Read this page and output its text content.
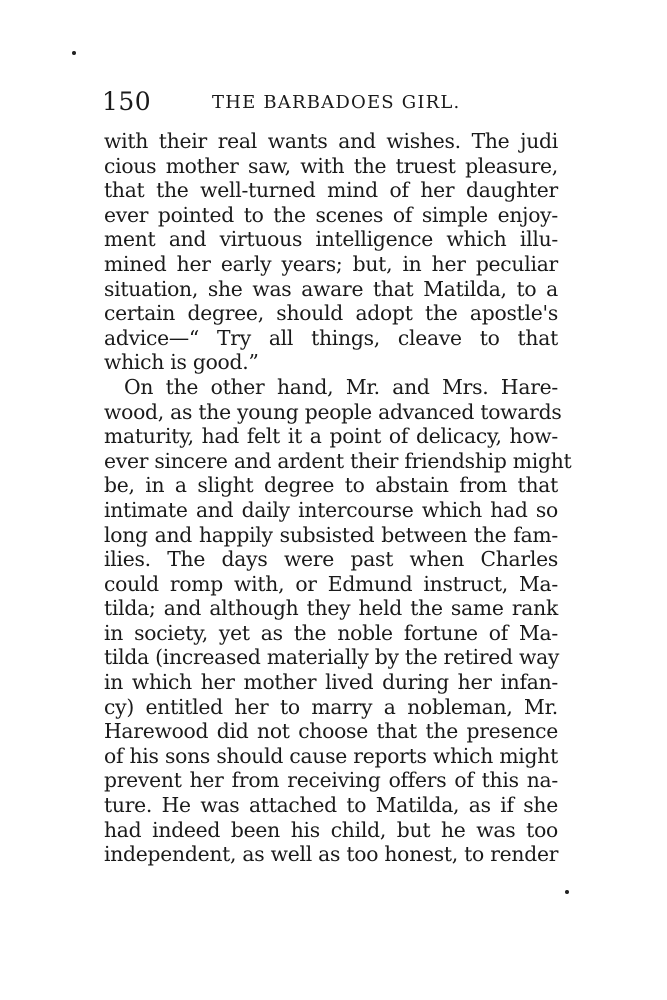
150	THE BARBADOES GIRL.
with their real wants and wishes. The judi
cious mother saw, with the truest pleasure,
that the well-turned mind of her daughter
ever pointed to the scenes of simple enjoy-
ment and virtuous intelligence which illu-
mined her early years; but, in her peculiar
situation, she was aware that Matilda, to a
certain degree, should adopt the apostle's
advice—“ Try all things, cleave to that
which is good.”
On the other hand, Mr. and Mrs. Hare-
wood, as the young people advanced towards
maturity, had felt it a point of delicacy, how-
ever sincere and ardent their friendship might
be, in a slight degree to abstain from that
intimate and daily intercourse which had so
long and happily subsisted between the fam-
ilies. The days were past when Charles
could romp with, or Edmund instruct, Ma-
tilda; and although they held the same rank
in society, yet as the noble fortune of Ma-
tilda (increased materially by the retired way
in which her mother lived during her infan-
cy) entitled her to marry a nobleman, Mr.
Harewood did not choose that the presence
of his sons should cause reports which might
prevent her from receiving offers of this na-
ture. He was attached to Matilda, as if she
had indeed been his child, but he was too
independent, as well as too honest, to render
